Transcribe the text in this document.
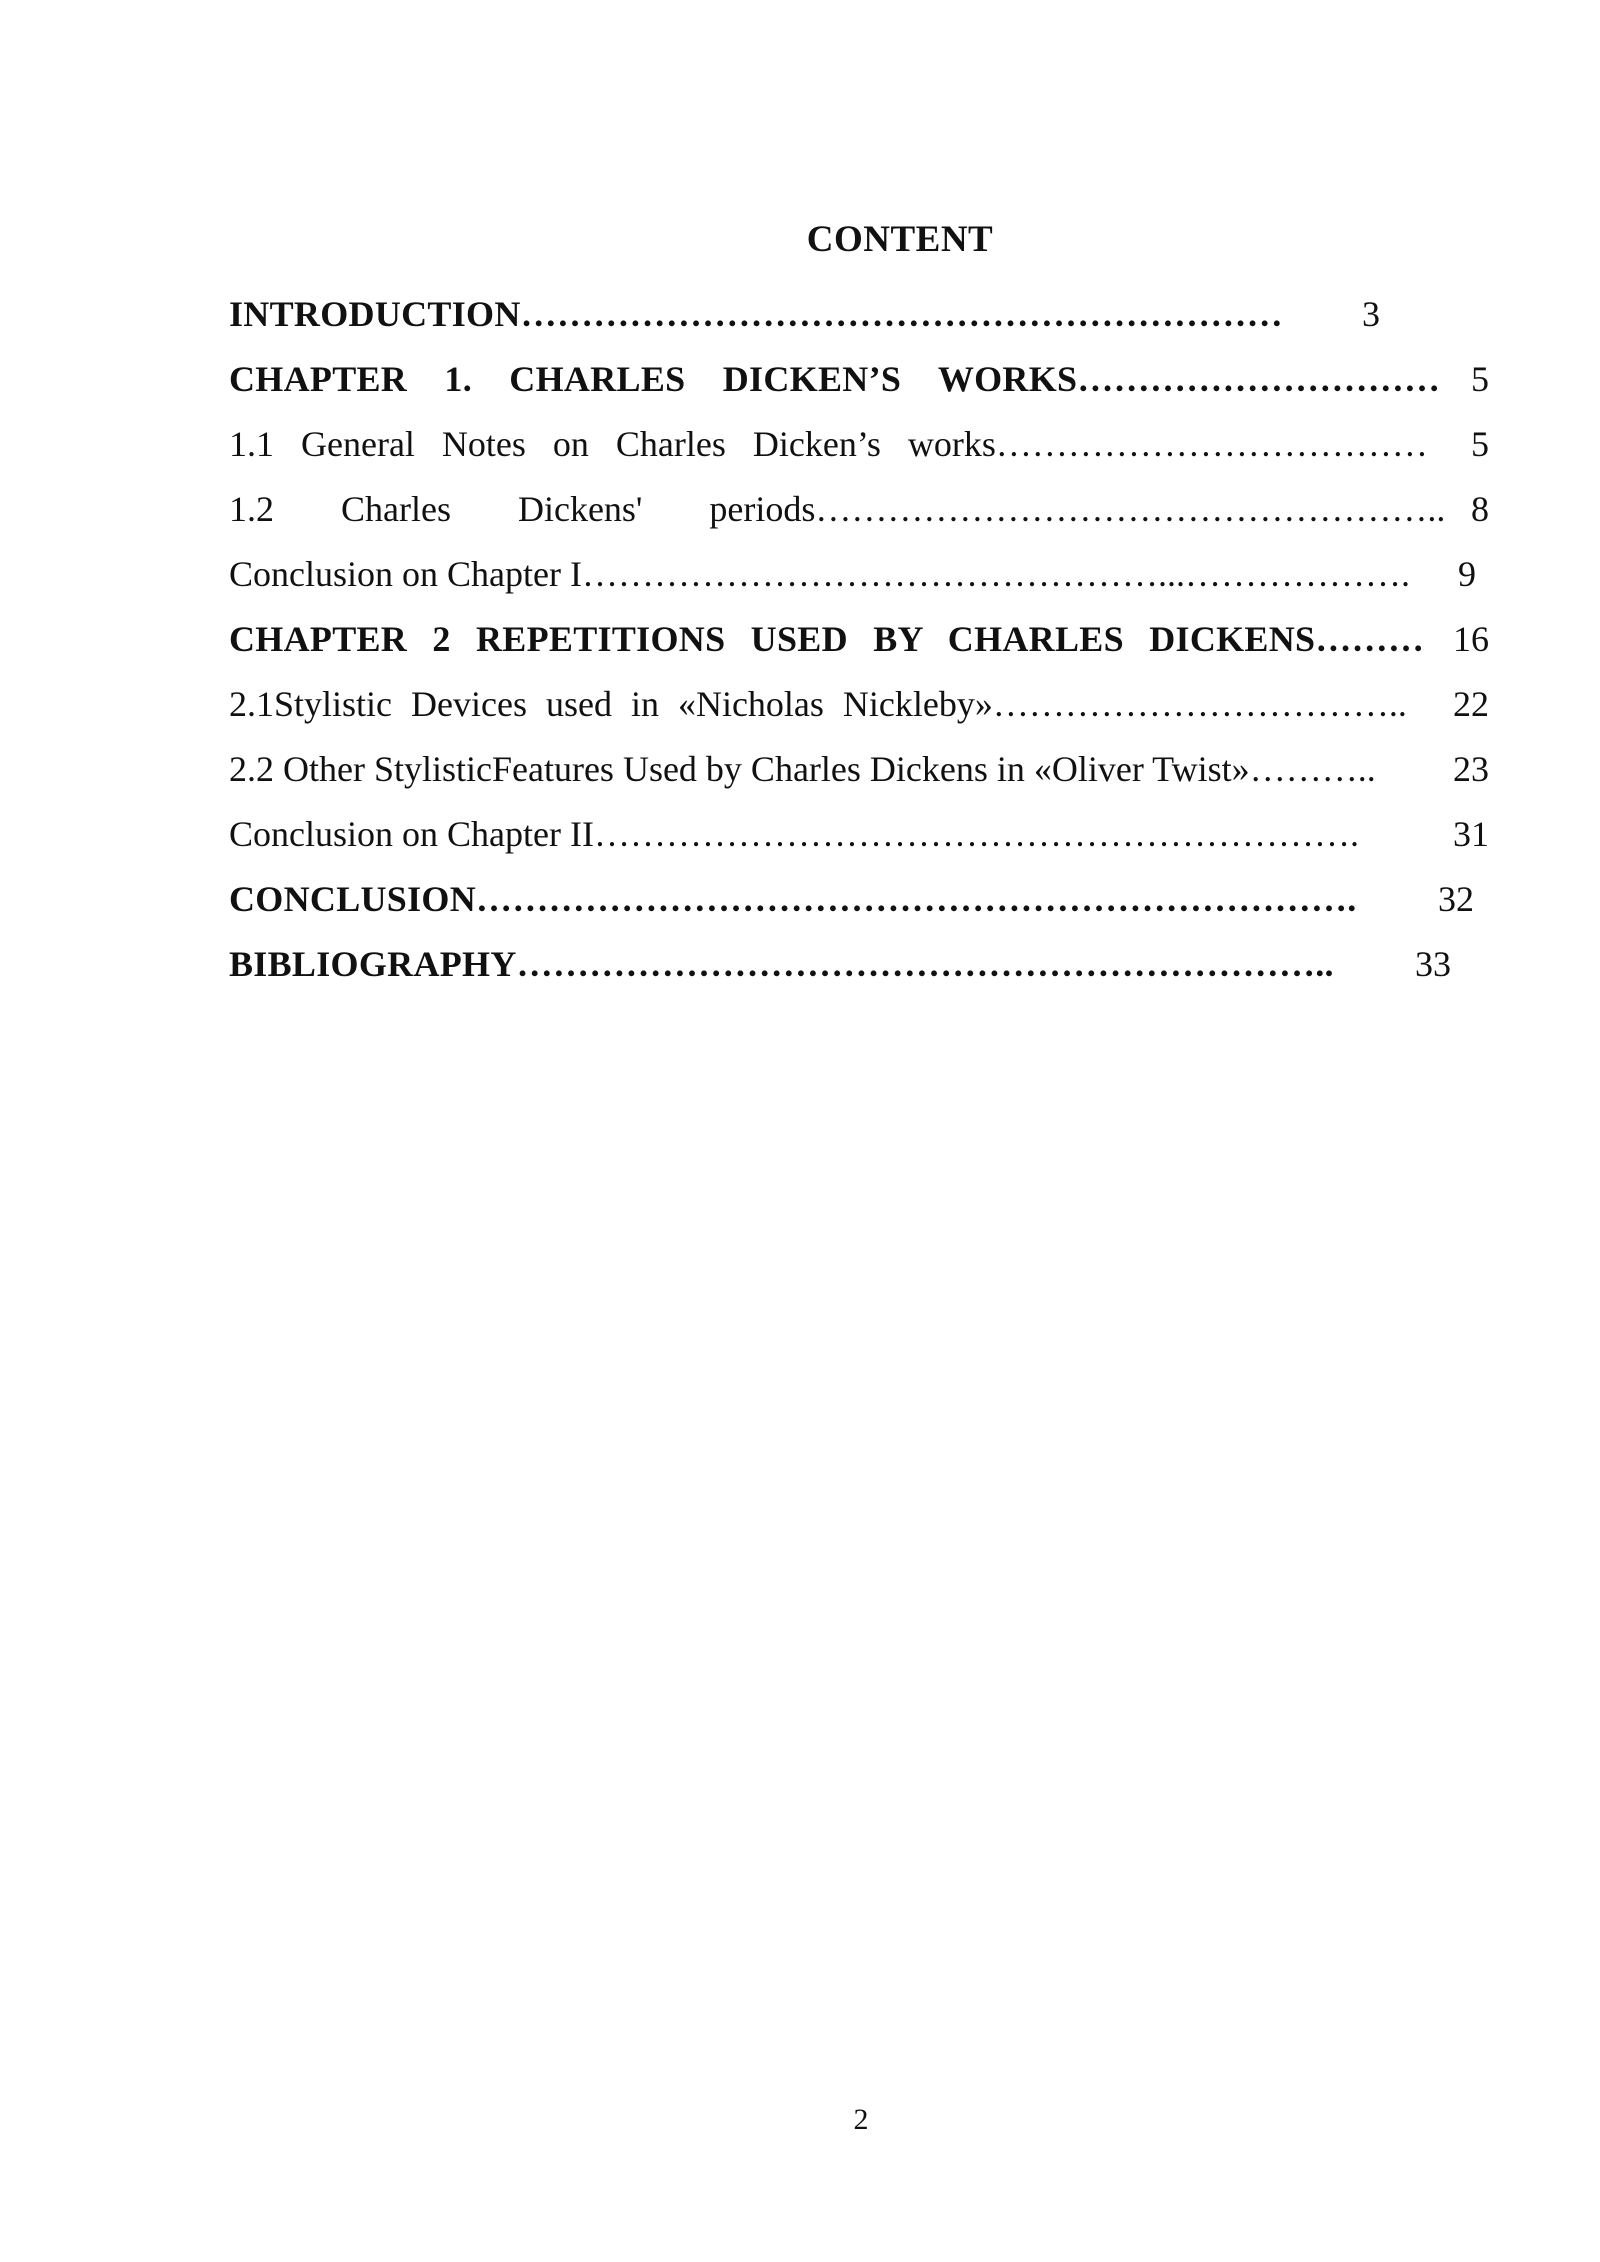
CONTENT
INTRODUCTION………………………………………………………	3
CHAPTER 1. CHARLES DICKEN’S WORKS………………………… 5
1.1 General Notes on Charles Dicken’s works………………………………	5
1.2 Charles Dickens' periods…………………………………………….. 8
Conclusion on Chapter I…………………………………………...……………….	9
CHAPTER 2 REPETITIONS USED BY CHARLES DICKENS……… 16
2.1Stylistic Devices used in «Nicholas Nickleby»……………………………..	22
2.2 Other StylisticFeatures Used by Charles Dickens in «Oliver Twist»………..	23
Conclusion on Chapter II……………………………………………………….	31
CONCLUSION……………………………………………………………….	32
BIBLIOGRAPHY…………………………………………………………..	33
2
